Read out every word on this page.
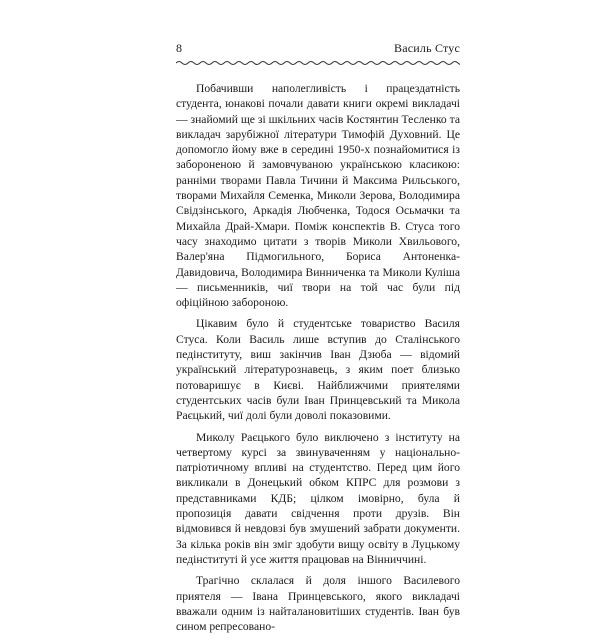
8	Василь Стус

Побачивши наполегливість і працездатність студента, юнакові почали давати книги окремі викладачі — знайомий ще зі шкільних часів Костянтин Тесленко та викладач зарубіжної літератури Тимофій Духовний. Це допомогло йому вже в середині 1950-х познайомитися із забороненою й замовчуваною українською класикою: ранніми творами Павла Тичини й Максима Рильського, творами Михайля Семенка, Миколи Зерова, Володимира Свідзінського, Аркадія Любченка, Тодося Осьмачки та Михайла Драй-Хмари. Поміж конспектів В. Стуса того часу знаходимо цитати з творів Миколи Хвильового, Валер'яна Підмогильного, Бориса Антоненка-Давидовича, Володимира Винниченка та Миколи Куліша — письменників, чиї твори на той час були під офіційною забороною.

Цікавим було й студентське товариство Василя Стуса. Коли Василь лише вступив до Сталінського педінституту, виш закінчив Іван Дзюба — відомий український літературознавець, з яким поет близько потоваришує в Києві. Найближчими приятелями студентських часів були Іван Принцевський та Микола Раєцький, чиї долі були доволі показовими.

Миколу Раєцького було виключено з інституту на четвертому курсі за звинуваченням у національно-патріотичному впливі на студентство. Перед цим його викликали в Донецький обком КПРС для розмови з представниками КДБ; цілком імовірно, була й пропозиція давати свідчення проти друзів. Він відмовився й невдовзі був змушений забрати документи. За кілька років він зміг здобути вищу освіту в Луцькому педінституті й усе життя працював на Вінниччині.

Трагічно склалася й доля іншого Василевого приятеля — Івана Принцевського, якого викладачі вважали одним із найталановитіших студентів. Іван був сином репресовано-
